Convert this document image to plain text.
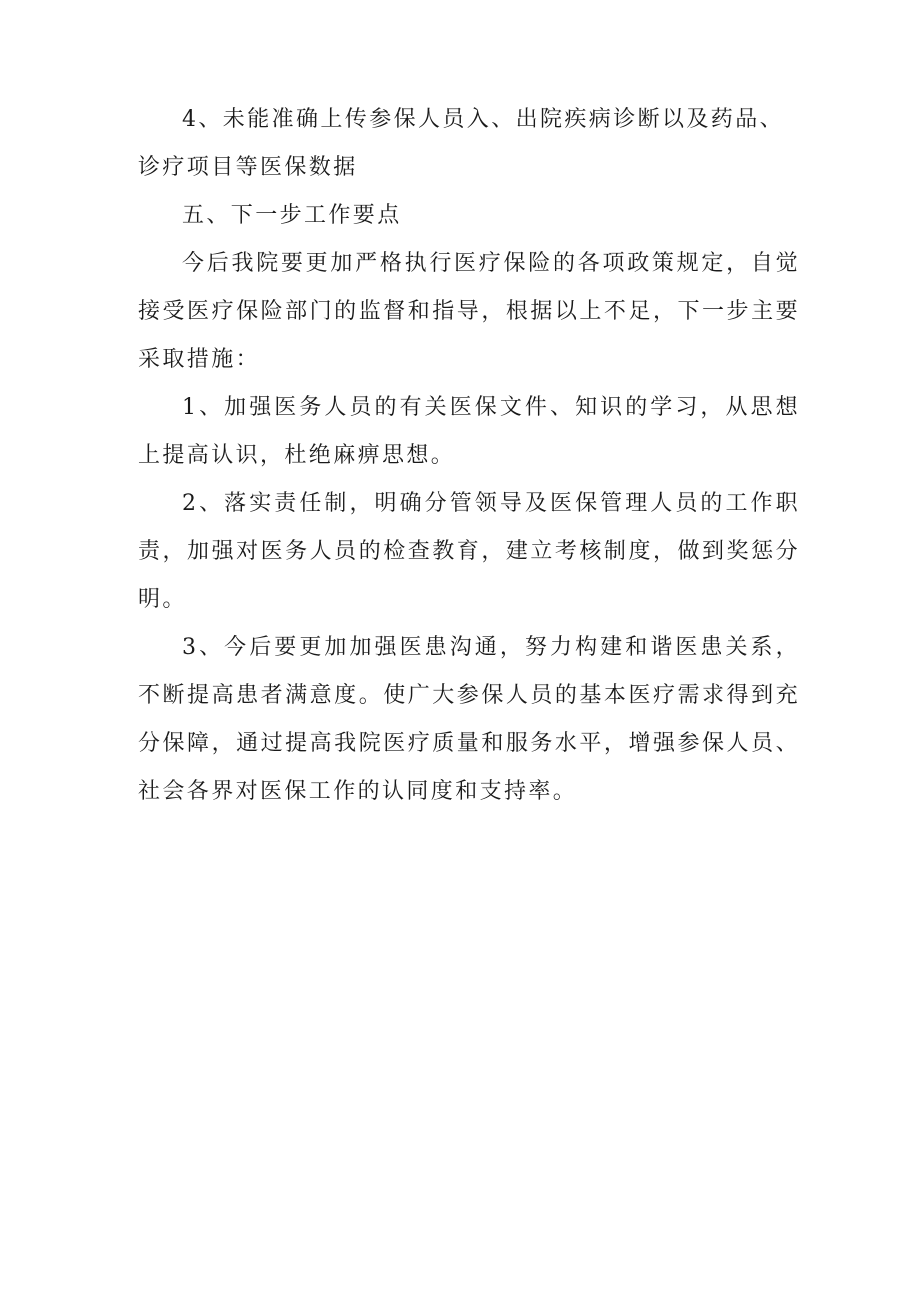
4、未能准确上传参保人员入、出院疾病诊断以及药品、诊疗项目等医保数据

五、下一步工作要点

今后我院要更加严格执行医疗保险的各项政策规定，自觉接受医疗保险部门的监督和指导，根据以上不足，下一步主要采取措施：

1、加强医务人员的有关医保文件、知识的学习，从思想上提高认识，杜绝麻痹思想。

2、落实责任制，明确分管领导及医保管理人员的工作职责，加强对医务人员的检查教育，建立考核制度，做到奖惩分明。

3、今后要更加加强医患沟通，努力构建和谐医患关系，不断提高患者满意度。使广大参保人员的基本医疗需求得到充分保障，通过提高我院医疗质量和服务水平，增强参保人员、社会各界对医保工作的认同度和支持率。
